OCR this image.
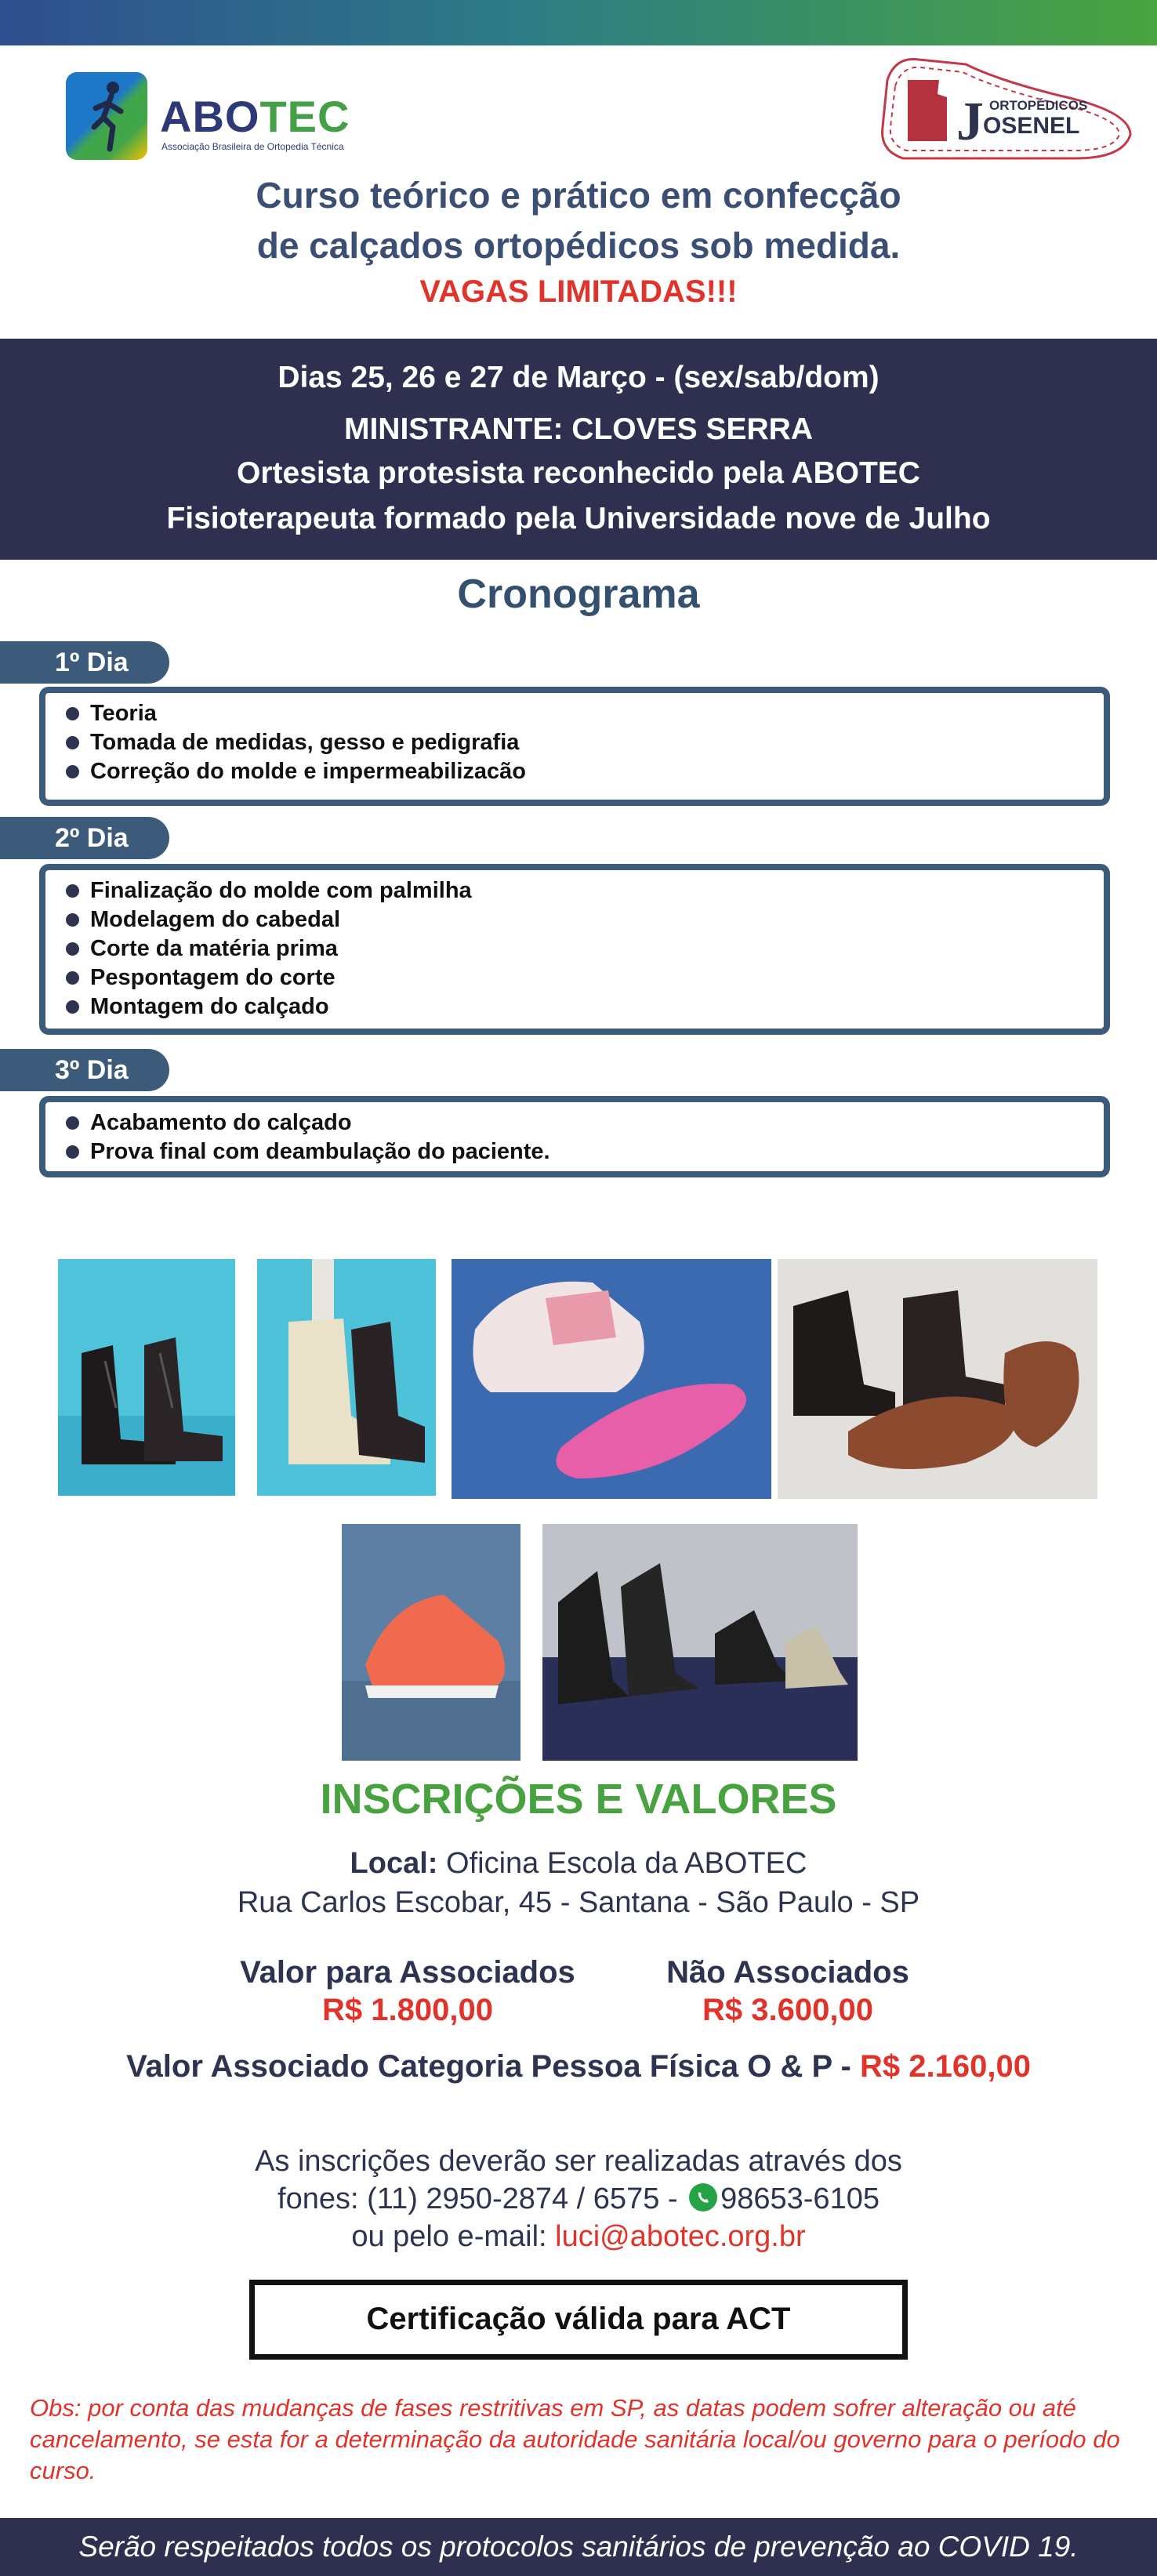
ABOTEC
Associação Brasileira de Ortopedia Técnica	J ORTOPÉDICOS
OSENEL
Curso teórico e prático em confecção
de calçados ortopédicos sob medida.
VAGAS LIMITADAS!!!
Dias 25, 26 e 27 de Março - (sex/sab/dom)
MINISTRANTE: CLOVES SERRA
Ortesista protesista reconhecido pela ABOTEC
Fisioterapeuta formado pela Universidade nove de Julho
Cronograma
1º Dia
Teoria
Tomada de medidas, gesso e pedigrafia
Correção do molde e impermeabilizacão
2º Dia
Finalização do molde com palmilha
Modelagem do cabedal
Corte da matéria prima
Pespontagem do corte
Montagem do calçado
3º Dia
Acabamento do calçado
Prova final com deambulação do paciente.
INSCRIÇÕES E VALORES
Local: Oficina Escola da ABOTEC
Rua Carlos Escobar, 45 - Santana - São Paulo - SP
Valor para Associados
R$ 1.800,00
Não Associados
R$ 3.600,00
Valor Associado Categoria Pessoa Física O & P - R$ 2.160,00
As inscrições deverão ser realizadas através dos
fones: (11) 2950-2874 / 6575 - 98653-6105
ou pelo e-mail: luci@abotec.org.br
Certificação válida para ACT
Obs: por conta das mudanças de fases restritivas em SP, as datas podem sofrer alteração ou até cancelamento, se esta for a determinação da autoridade sanitária local/ou governo para o período do curso.
Serão respeitados todos os protocolos sanitários de prevenção ao COVID 19.
